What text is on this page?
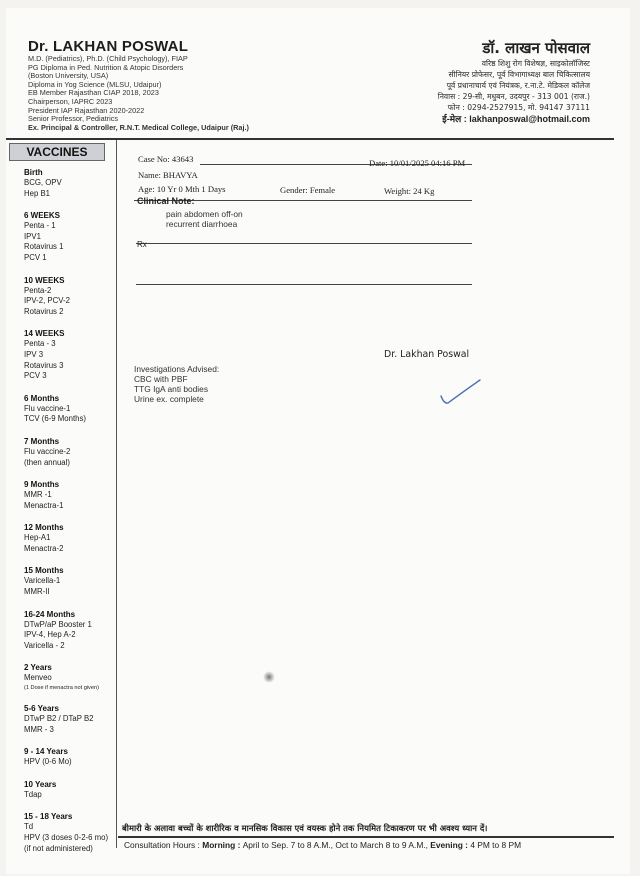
Dr. LAKHAN POSWAL
M.D. (Pediatrics), Ph.D. (Child Psychology), FIAP
PG Diploma in Ped. Nutrition & Atopic Disorders
(Boston University, USA)
Diploma in Yog Science (MLSU, Udaipur)
EB Member Rajasthan CIAP 2018, 2023
Chairperson, IAPRC 2023
President IAP Rajasthan 2020-2022
Senior Professor, Pediatrics
Ex. Principal & Controller, R.N.T. Medical College, Udaipur (Raj.)
डॉ. लाखन पोसवाल
वरिष्ठ शिशु रोग विशेषज्ञ, साइकोलॉजिस्ट
सीनियर प्रोफेसर, पूर्व विभागाध्यक्ष बाल चिकित्सालय
पूर्व प्रधानाचार्य एवं नियंत्रक, र.ना.टे. मेडिकल कॉलेज
निवास : 29-सी, मधुबन, उदयपुर - 313 001 (राज.)
फोन : 0294-2527915, मो. 94147 37111
ई-मेल : lakhanposwal@hotmail.com
VACCINES
Birth
BCG, OPV
Hep B1
6 WEEKS
Penta - 1
IPV1
Rotavirus 1
PCV 1
10 WEEKS
Penta-2
IPV-2, PCV-2
Rotavirus 2
14 WEEKS
Penta - 3
IPV 3
Rotavirus 3
PCV 3
6 Months
Flu vaccine-1
TCV (6-9 Months)
7 Months
Flu vaccine-2
(then annual)
9 Months
MMR -1
Menactra-1
12 Months
Hep-A1
Menactra-2
15 Months
Varicella-1
MMR-II
16-24 Months
DTwP/aP Booster 1
IPV-4, Hep A-2
Varicella - 2
2 Years
Menveo
(1 Dose if menactra not given)
5-6 Years
DTwP B2 / DTaP B2
MMR - 3
9 - 14 Years
HPV (0-6 Mo)
10 Years
Tdap
15 - 18 Years
Td
HPV (3 doses 0-2-6 mo)
(if not administered)
Case No: 43643	Date: 10/01/2025 04:16 PM
Name: BHAVYA
Age: 10 Yr 0 Mth 1 Days	Gender: Female	Weight: 24 Kg
Clinical Note:
pain abdomen off-on
recurrent diarrhoea
Rx
Dr. Lakhan Poswal
Investigations Advised:
CBC with PBF
TTG IgA anti bodies
Urine ex. complete
बीमारी के अलावा बच्चों के शारीरिक व मानसिक विकास एवं वयस्क होने तक नियमित टिकाकरण पर भी अवश्य ध्यान दें।
Consultation Hours : Morning : April to Sep. 7 to 8 A.M., Oct to March 8 to 9 A.M., Evening : 4 PM to 8 PM
